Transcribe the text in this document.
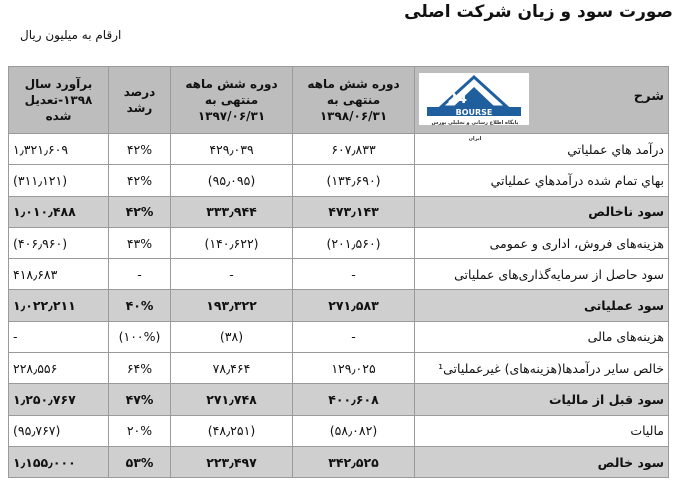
صورت سود و زیان شرکت اصلی
ارقام به میلیون ریال
شرح
24
BOURSE
پایگاه اطلاع رسانی و تحلیلی بورس ایران	دوره شش ماهه منتهی به ۱۳۹۸/۰۶/۳۱	دوره شش ماهه منتهی به ۱۳۹۷/۰۶/۳۱	درصد رشد	برآورد سال ۱۳۹۸-تعدیل شده
درآمد هاي عملياتي	۶۰۷٫۸۳۳	۴۲۹٫۰۳۹	۴۲%	۱٫۳۲۱٫۶۰۹
بهاي تمام شده درآمدهاي عملياتي	(۱۳۴٫۶۹۰)	(۹۵٫۰۹۵)	۴۲%	(۳۱۱٫۱۲۱)
سود ناخالص	۴۷۳٫۱۴۳	۳۳۳٫۹۴۴	۴۲%	۱٫۰۱۰٫۴۸۸
هزینه‌های فروش، اداری و عمومی	(۲۰۱٫۵۶۰)	(۱۴۰٫۶۲۲)	۴۳%	(۴۰۶٫۹۶۰)
سود حاصل از سرمایه‌گذاری‌های عملیاتی	-	-	-	۴۱۸٫۶۸۳
سود عملیاتی	۲۷۱٫۵۸۳	۱۹۳٫۳۲۲	۴۰%	۱٫۰۲۲٫۲۱۱
هزینه‌های مالی	-	(۳۸)	(۱۰۰%)	-
خالص سایر درآمدها(هزینه‌های) غیرعملیاتی¹	۱۲۹٫۰۲۵	۷۸٫۴۶۴	۶۴%	۲۲۸٫۵۵۶
سود قبل از مالیات	۴۰۰٫۶۰۸	۲۷۱٫۷۴۸	۴۷%	۱٫۲۵۰٫۷۶۷
مالیات	(۵۸٫۰۸۲)	(۴۸٫۲۵۱)	۲۰%	(۹۵٫۷۶۷)
سود خالص	۳۴۲٫۵۲۵	۲۲۳٫۴۹۷	۵۳%	۱٫۱۵۵٫۰۰۰
